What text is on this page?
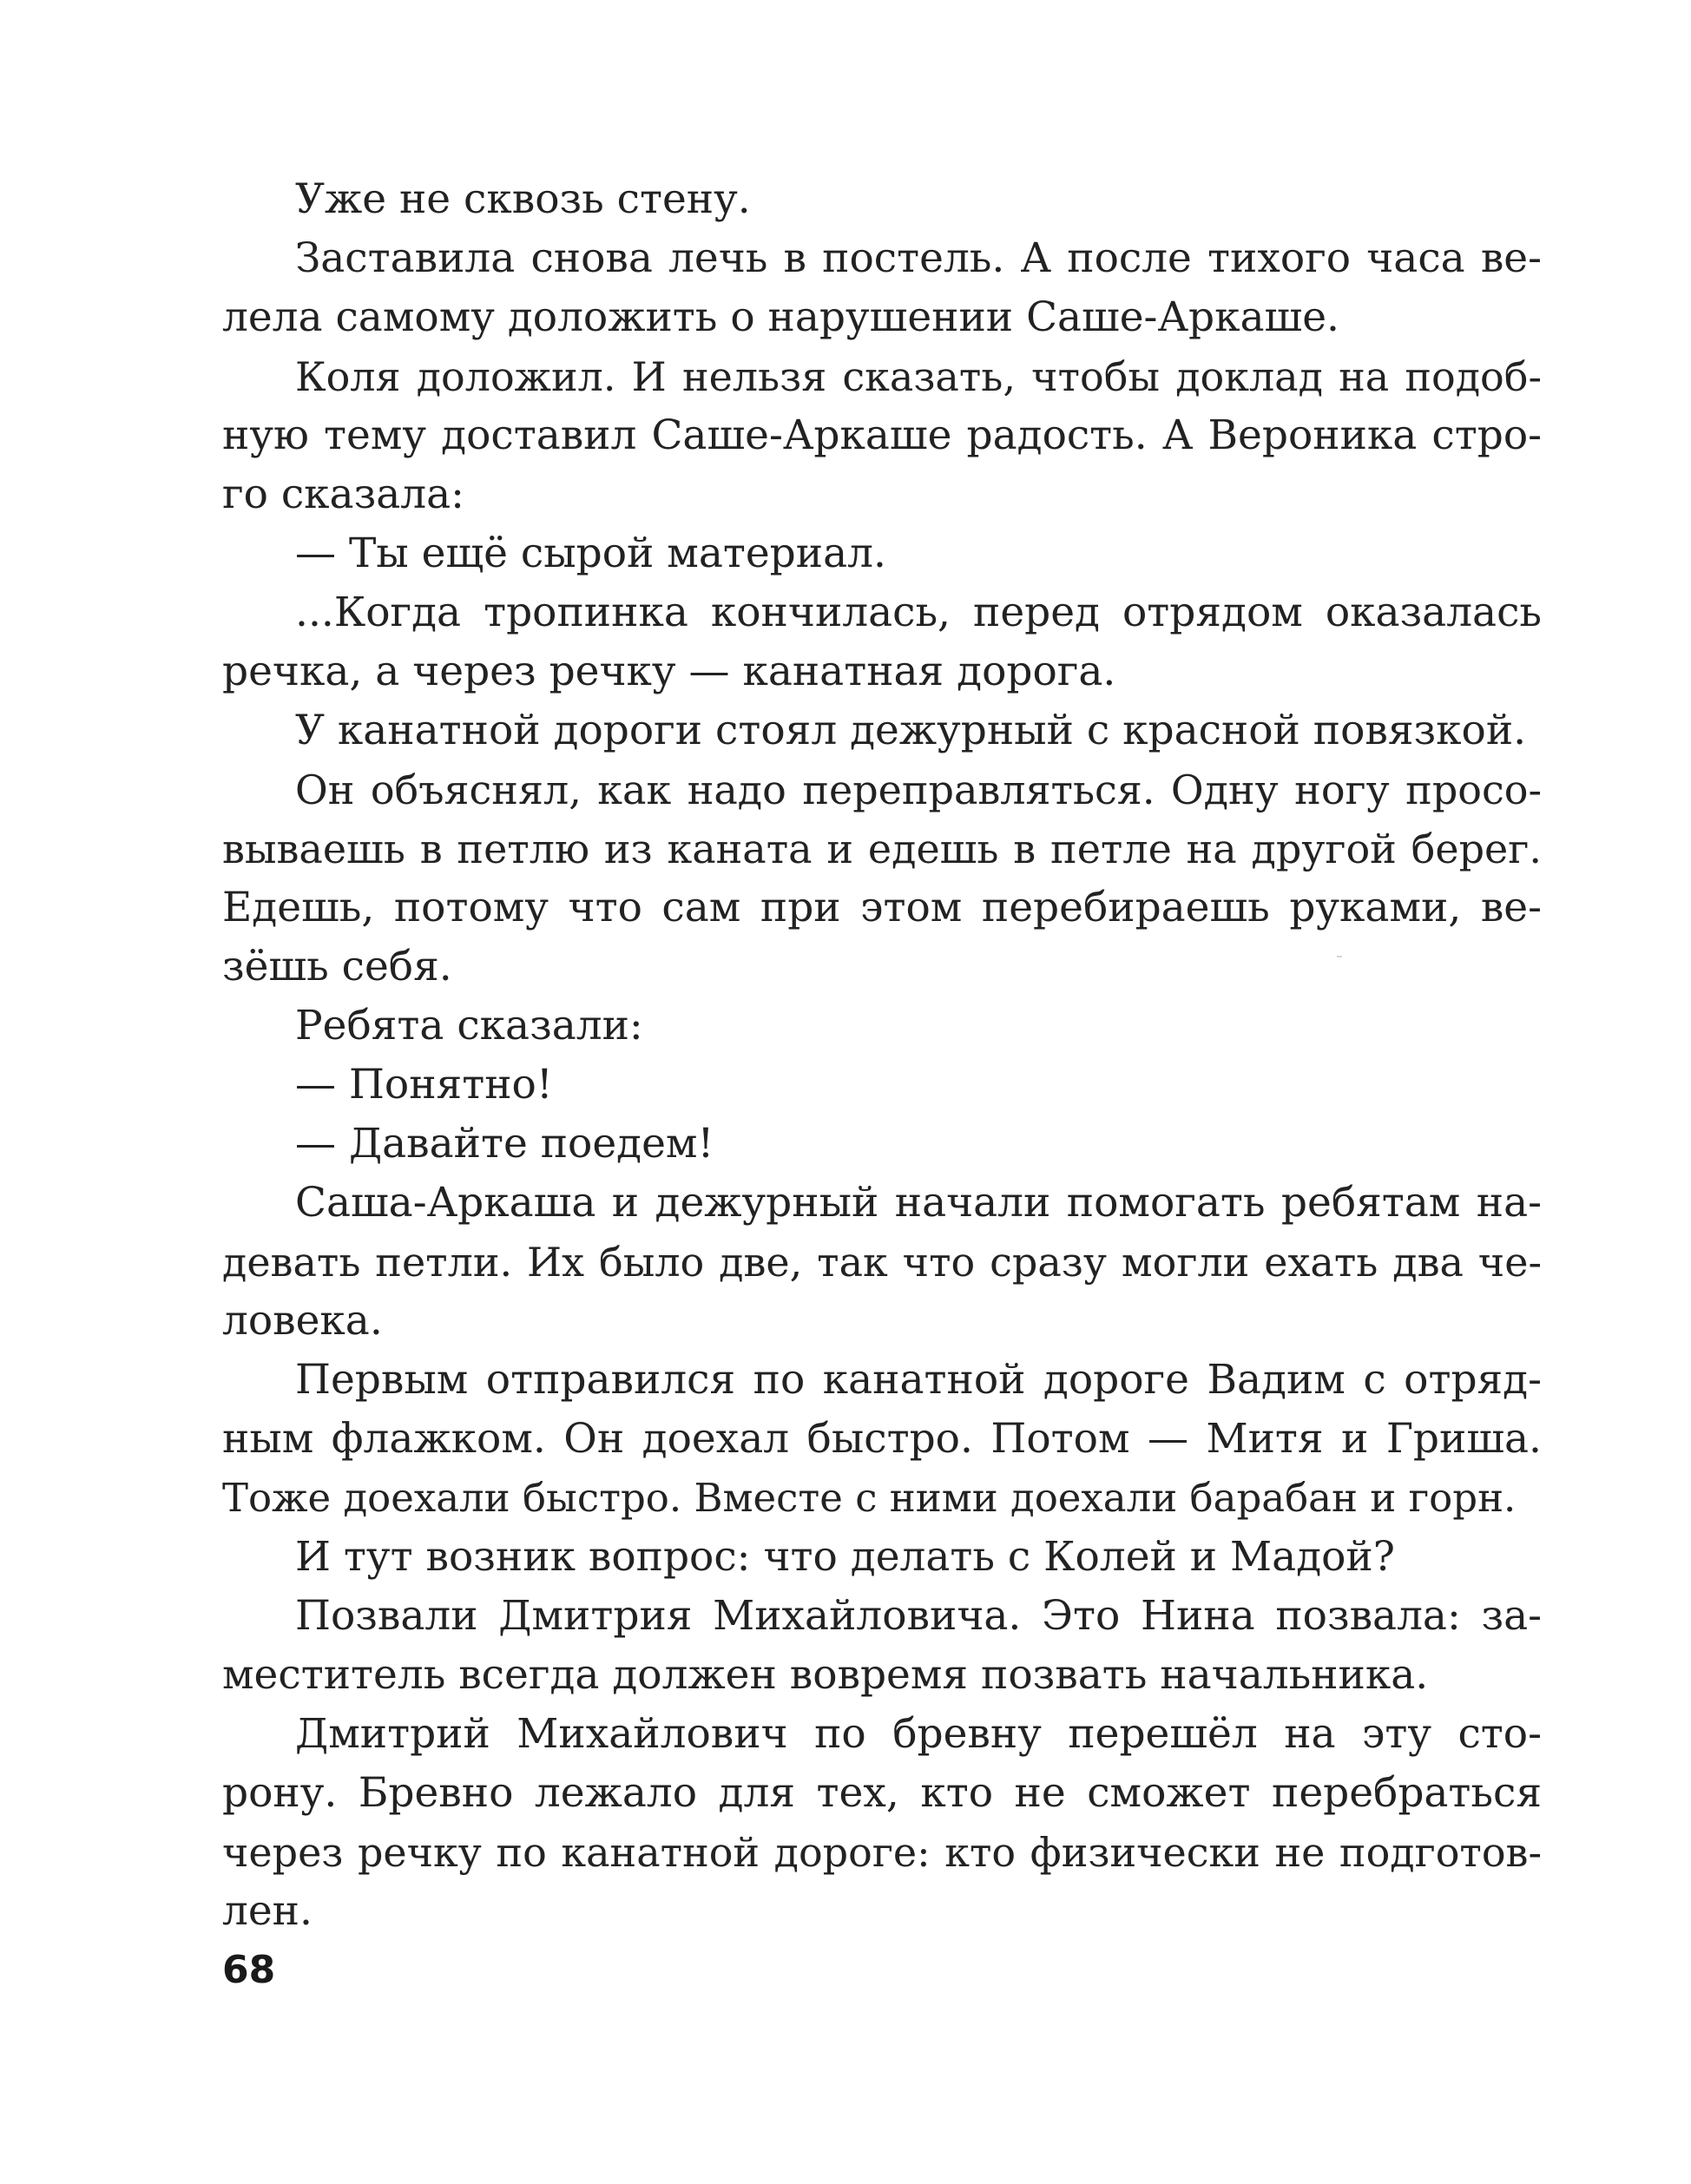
Уже не сквозь стену.
Заставила снова лечь в постель. А после тихого часа ве-
лела самому доложить о нарушении Саше-Аркаше.
Коля доложил. И нельзя сказать, чтобы доклад на подоб-
ную тему доставил Саше-Аркаше радость. А Вероника стро-
го сказала:
— Ты ещё сырой материал.
...Когда тропинка кончилась, перед отрядом оказалась
речка, а через речку — канатная дорога.
У канатной дороги стоял дежурный с красной повязкой.
Он объяснял, как надо переправляться. Одну ногу просо-
вываешь в петлю из каната и едешь в петле на другой берег.
Едешь, потому что сам при этом перебираешь руками, ве-
зёшь себя.
Ребята сказали:
— Понятно!
— Давайте поедем!
Саша-Аркаша и дежурный начали помогать ребятам на-
девать петли. Их было две, так что сразу могли ехать два че-
ловека.
Первым отправился по канатной дороге Вадим с отряд-
ным флажком. Он доехал быстро. Потом — Митя и Гриша.
Тоже доехали быстро. Вместе с ними доехали барабан и горн.
И тут возник вопрос: что делать с Колей и Мадой?
Позвали Дмитрия Михайловича. Это Нина позвала: за-
меститель всегда должен вовремя позвать начальника.
Дмитрий Михайлович по бревну перешёл на эту сто-
рону. Бревно лежало для тех, кто не сможет перебраться
через речку по канатной дороге: кто физически не подготов-
лен.
68
